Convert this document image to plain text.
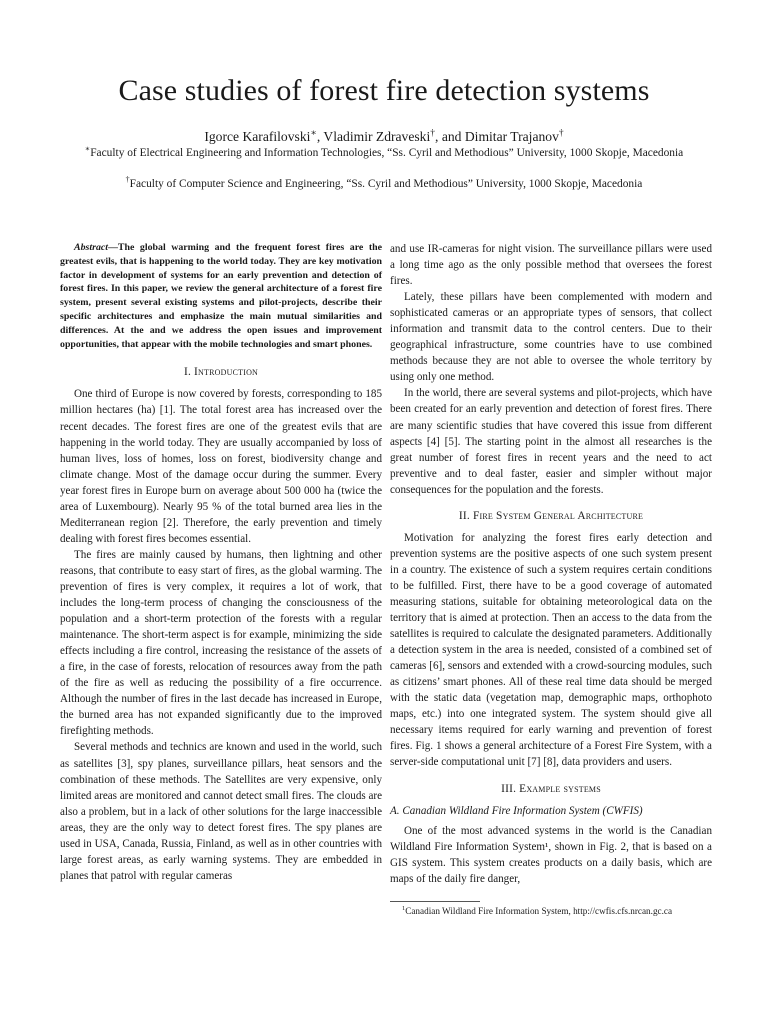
Case studies of forest fire detection systems
Igorce Karafilovski∗, Vladimir Zdraveski†, and Dimitar Trajanov†
∗Faculty of Electrical Engineering and Information Technologies, “Ss. Cyril and Methodious” University, 1000 Skopje, Macedonia
†Faculty of Computer Science and Engineering, “Ss. Cyril and Methodious” University, 1000 Skopje, Macedonia

Abstract—The global warming and the frequent forest fires are the greatest evils, that is happening to the world today. They are key motivation factor in development of systems for an early prevention and detection of forest fires. In this paper, we review the general architecture of a forest fire system, present several existing systems and pilot-projects, describe their specific architectures and emphasize the main mutual similarities and differences. At the and we address the open issues and improvement opportunities, that appear with the mobile technologies and smart phones.

I. Introduction

One third of Europe is now covered by forests, corresponding to 185 million hectares (ha) [1]. The total forest area has increased over the recent decades. The forest fires are one of the greatest evils that are happening in the world today. They are usually accompanied by loss of human lives, loss of homes, loss on forest, biodiversity change and climate change. Most of the damage occur during the summer. Every year forest fires in Europe burn on average about 500 000 ha (twice the area of Luxembourg). Nearly 95 % of the total burned area lies in the Mediterranean region [2]. Therefore, the early prevention and timely dealing with forest fires becomes essential.

The fires are mainly caused by humans, then lightning and other reasons, that contribute to easy start of fires, as the global warming. The prevention of fires is very complex, it requires a lot of work, that includes the long-term process of changing the consciousness of the population and a short-term protection of the forests with a regular maintenance. The short-term aspect is for example, minimizing the side effects including a fire control, increasing the resistance of the assets of a fire, in the case of forests, relocation of resources away from the path of the fire as well as reducing the possibility of a fire occurrence. Although the number of fires in the last decade has increased in Europe, the burned area has not expanded significantly due to the improved firefighting methods.

Several methods and technics are known and used in the world, such as satellites [3], spy planes, surveillance pillars, heat sensors and the combination of these methods. The Satellites are very expensive, only limited areas are monitored and cannot detect small fires. The clouds are also a problem, but in a lack of other solutions for the large inaccessible areas, they are the only way to detect forest fires. The spy planes are used in USA, Canada, Russia, Finland, as well as in other countries with large forest areas, as early warning systems. They are embedded in planes that patrol with regular cameras

and use IR-cameras for night vision. The surveillance pillars were used a long time ago as the only possible method that oversees the forest fires.

Lately, these pillars have been complemented with modern and sophisticated cameras or an appropriate types of sensors, that collect information and transmit data to the control centers. Due to their geographical infrastructure, some countries have to use combined methods because they are not able to oversee the whole territory by using only one method.

In the world, there are several systems and pilot-projects, which have been created for an early prevention and detection of forest fires. There are many scientific studies that have covered this issue from different aspects [4] [5]. The starting point in the almost all researches is the great number of forest fires in recent years and the need to act preventive and to deal faster, easier and simpler without major consequences for the population and the forests.

II. Fire System General Architecture

Motivation for analyzing the forest fires early detection and prevention systems are the positive aspects of one such system present in a country. The existence of such a system requires certain conditions to be fulfilled. First, there have to be a good coverage of automated measuring stations, suitable for obtaining meteorological data on the territory that is aimed at protection. Then an access to the data from the satellites is required to calculate the designated parameters. Additionally a detection system in the area is needed, consisted of a combined set of cameras [6], sensors and extended with a crowd-sourcing modules, such as citizens’ smart phones. All of these real time data should be merged with the static data (vegetation map, demographic maps, orthophoto maps, etc.) into one integrated system. The system should give all necessary items required for early warning and prevention of forest fires. Fig. 1 shows a general architecture of a Forest Fire System, with a server-side computational unit [7] [8], data providers and users.

III. Example systems

A. Canadian Wildland Fire Information System (CWFIS)

One of the most advanced systems in the world is the Canadian Wildland Fire Information System¹, shown in Fig. 2, that is based on a GIS system. This system creates products on a daily basis, which are maps of the daily fire danger,

$^1$Canadian Wildland Fire Information System, http://cwfis.cfs.nrcan.gc.ca
